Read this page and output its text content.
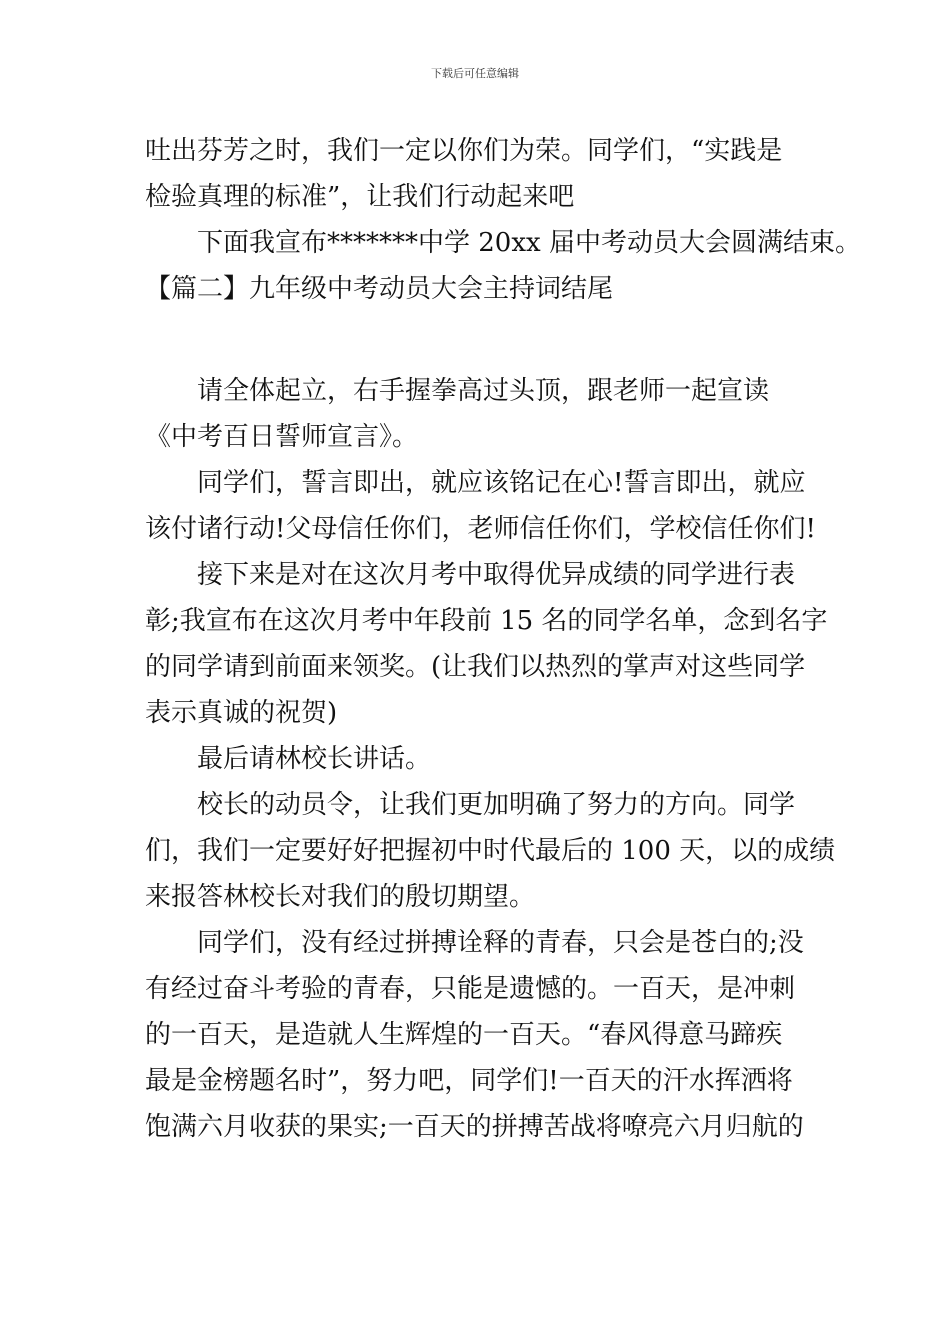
下载后可任意编辑
吐出芬芳之时，我们一定以你们为荣。同学们，“实践是
检验真理的标准”，让我们行动起来吧
下面我宣布*******中学 20xx 届中考动员大会圆满结束。
【篇二】九年级中考动员大会主持词结尾
请全体起立，右手握拳高过头顶，跟老师一起宣读
《中考百日誓师宣言》。
同学们，誓言即出，就应该铭记在心!誓言即出，就应
该付诸行动!父母信任你们，老师信任你们，学校信任你们!
接下来是对在这次月考中取得优异成绩的同学进行表
彰;我宣布在这次月考中年段前 15 名的同学名单，念到名字
的同学请到前面来领奖。(让我们以热烈的掌声对这些同学
表示真诚的祝贺)
最后请林校长讲话。
校长的动员令，让我们更加明确了努力的方向。同学
们，我们一定要好好把握初中时代最后的 100 天，以的成绩
来报答林校长对我们的殷切期望。
同学们，没有经过拼搏诠释的青春，只会是苍白的;没
有经过奋斗考验的青春，只能是遗憾的。一百天，是冲刺
的一百天，是造就人生辉煌的一百天。“春风得意马蹄疾
最是金榜题名时”，努力吧，同学们!一百天的汗水挥洒将
饱满六月收获的果实;一百天的拼搏苦战将嘹亮六月归航的
